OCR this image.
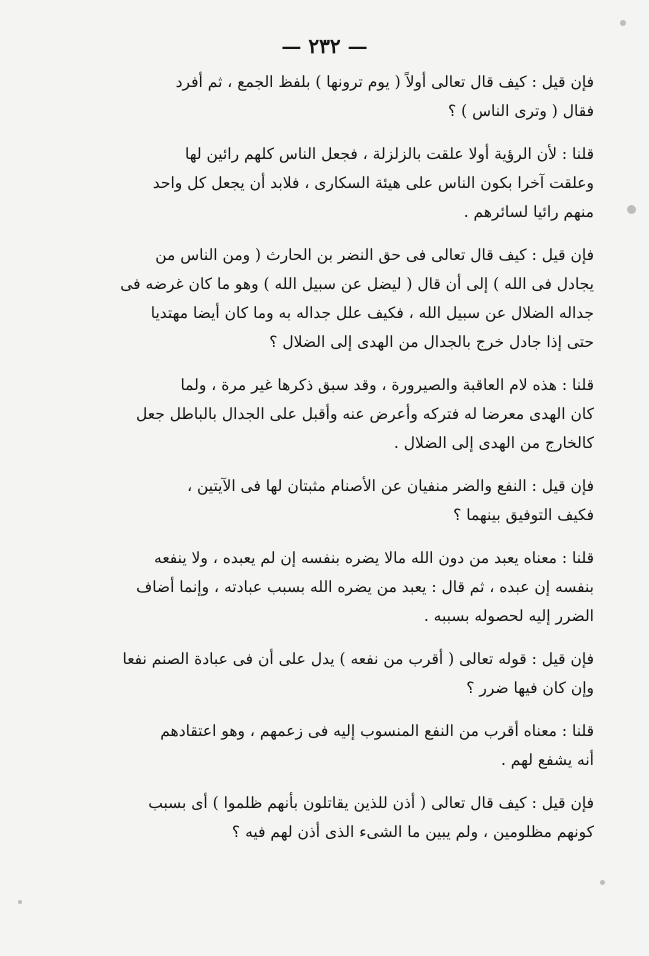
— ٢٣٢ —

فإن قيل : كيف قال تعالى أولاً ( يوم ترونها ) بلفظ الجمع ، ثم أفرد
فقال ( وترى الناس ) ؟

قلنا : لأن الرؤية أولا علقت بالزلزلة ، فجعل الناس كلهم رائين لها
وعلقت آخرا بكون الناس على هيئة السكارى ، فلابد أن يجعل كل واحد
منهم رائيا لسائرهم .

فإن قيل : كيف قال تعالى فى حق النضر بن الحارث ( ومن الناس من
يجادل فى الله ) إلى أن قال ( ليضل عن سبيل الله ) وهو ما كان غرضه فى
جداله الضلال عن سبيل الله ، فكيف علل جداله به وما كان أيضا مهتديا
حتى إذا جادل خرج بالجدال من الهدى إلى الضلال ؟

قلنا : هذه لام العاقبة والصيرورة ، وقد سبق ذكرها غير مرة ، ولما
كان الهدى معرضا له فتركه وأعرض عنه وأقبل على الجدال بالباطل جعل
كالخارج من الهدى إلى الضلال .

فإن قيل : النفع والضر منفيان عن الأصنام مثبتان لها فى الآيتين ،
فكيف التوفيق بينهما ؟

قلنا : معناه يعبد من دون الله مالا يضره بنفسه إن لم يعبده ، ولا ينفعه
بنفسه إن عبده ، ثم قال : يعبد من يضره الله بسبب عبادته ، وإنما أضاف
الضرر إليه لحصوله بسببه .

فإن قيل : قوله تعالى ( أقرب من نفعه ) يدل على أن فى عبادة الصنم نفعا
وإن كان فيها ضرر ؟

قلنا : معناه أقرب من النفع المنسوب إليه فى زعمهم ، وهو اعتقادهم
أنه يشفع لهم .

فإن قيل : كيف قال تعالى ( أذن للذين يقاتلون بأنهم ظلموا ) أى بسبب
كونهم مظلومين ، ولم يبين ما الشىء الذى أذن لهم فيه ؟
